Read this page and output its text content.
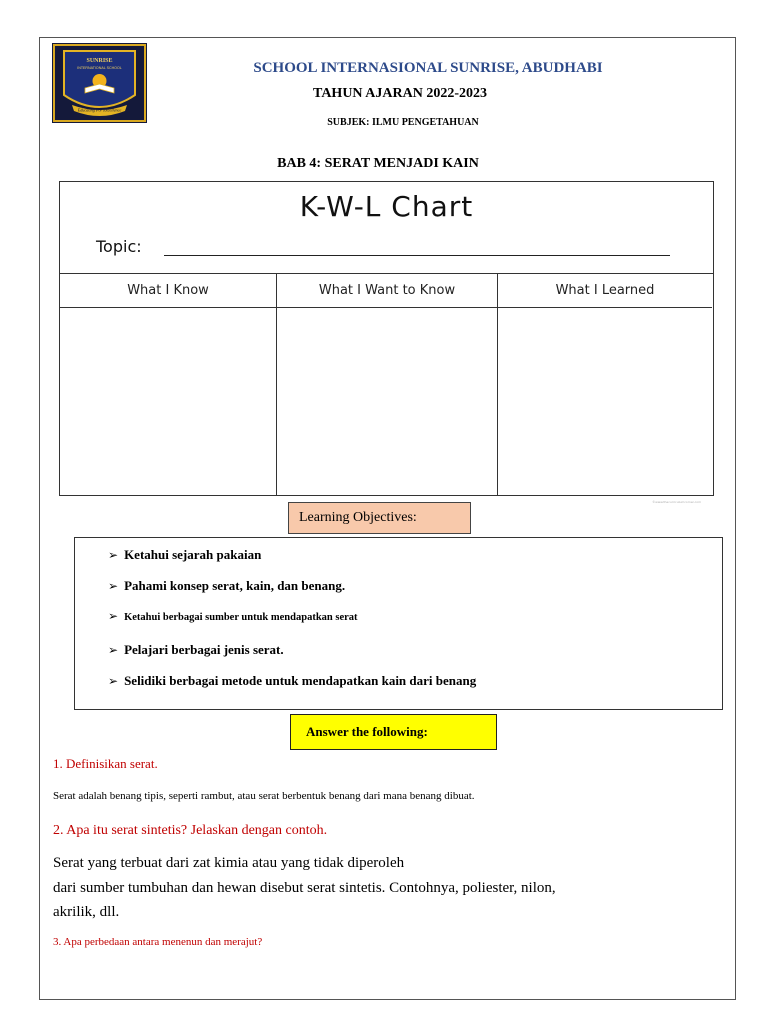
SUNRISE
INTERNATIONAL SCHOOL
Educating For Excellence
SCHOOL INTERNASIONAL SUNRISE, ABUDHABI
TAHUN AJARAN 2022-2023
SUBJEK: ILMU PENGETAHUAN
BAB 4: SERAT MENJADI KAIN
K-W-L Chart
Topic:
What I Know	What I Want to Know	What I Learned
©www.thecurriculumcorner.com
Learning Objectives:
➢ Ketahui sejarah pakaian
➢ Pahami konsep serat, kain, dan benang.
➢ Ketahui berbagai sumber untuk mendapatkan serat
➢ Pelajari berbagai jenis serat.
➢ Selidiki berbagai metode untuk mendapatkan kain dari benang
Answer the following:
1. Definisikan serat.
Serat adalah benang tipis, seperti rambut, atau serat berbentuk benang dari mana benang dibuat.
2. Apa itu serat sintetis? Jelaskan dengan contoh.
Serat yang terbuat dari zat kimia atau yang tidak diperoleh
dari sumber tumbuhan dan hewan disebut serat sintetis. Contohnya, poliester, nilon,
akrilik, dll.
3. Apa perbedaan antara menenun dan merajut?
